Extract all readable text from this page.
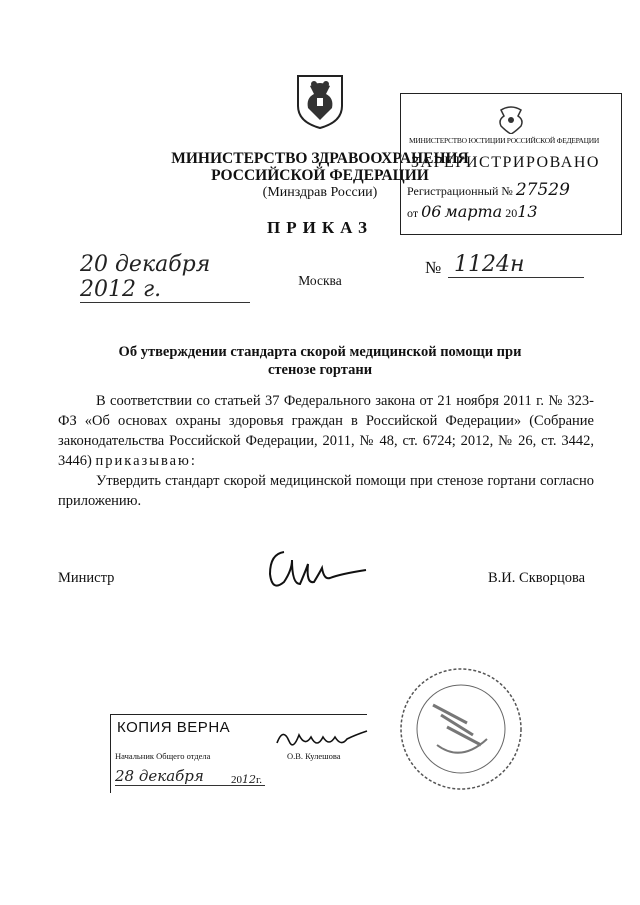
МИНИСТЕРСТВО ЗДРАВООХРАНЕНИЯ
РОССИЙСКОЙ ФЕДЕРАЦИИ
(Минздрав России)
ПРИКАЗ
МИНИСТЕРСТВО ЮСТИЦИИ РОССИЙСКОЙ ФЕДЕРАЦИИ
ЗАРЕГИСТРИРОВАНО
Регистрационный № 27529
от 06 марта 2013
20 декабря 2012 г.
№ 1124н
Москва
Об утверждении стандарта скорой медицинской помощи при
стенозе гортани

В соответствии со статьей 37 Федерального закона от 21 ноября 2011 г. № 323-ФЗ «Об основах охраны здоровья граждан в Российской Федерации» (Собрание законодательства Российской Федерации, 2011, № 48, ст. 6724; 2012, № 26, ст. 3442, 3446) приказываю:

Утвердить стандарт скорой медицинской помощи при стенозе гортани согласно приложению.

Министр	В.И. Скворцова
КОПИЯ ВЕРНА
Начальник Общего отдела	О.В. Кулешова
28 декабря	2012г.
